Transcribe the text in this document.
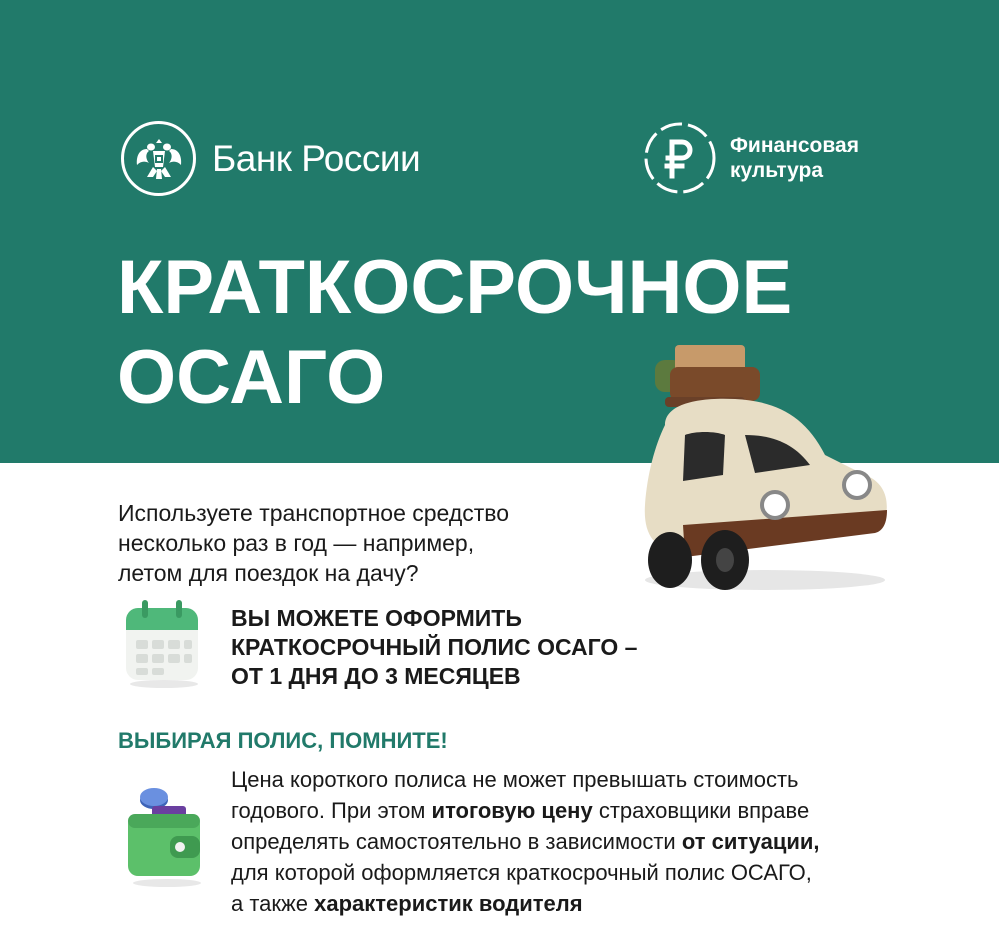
Банк России	Финансовая
культура
КРАТКОСРОЧНОЕ
ОСАГО
Используете транспортное средство
несколько раз в год — например,
летом для поездок на дачу?
ВЫ МОЖЕТЕ ОФОРМИТЬ
КРАТКОСРОЧНЫЙ ПОЛИС ОСАГО –
ОТ 1 ДНЯ ДО 3 МЕСЯЦЕВ
ВЫБИРАЯ ПОЛИС, ПОМНИТЕ!
Цена короткого полиса не может превышать стоимость
годового. При этом итоговую цену страховщики вправе
определять самостоятельно в зависимости от ситуации,
для которой оформляется краткосрочный полис ОСАГО,
а также характеристик водителя
